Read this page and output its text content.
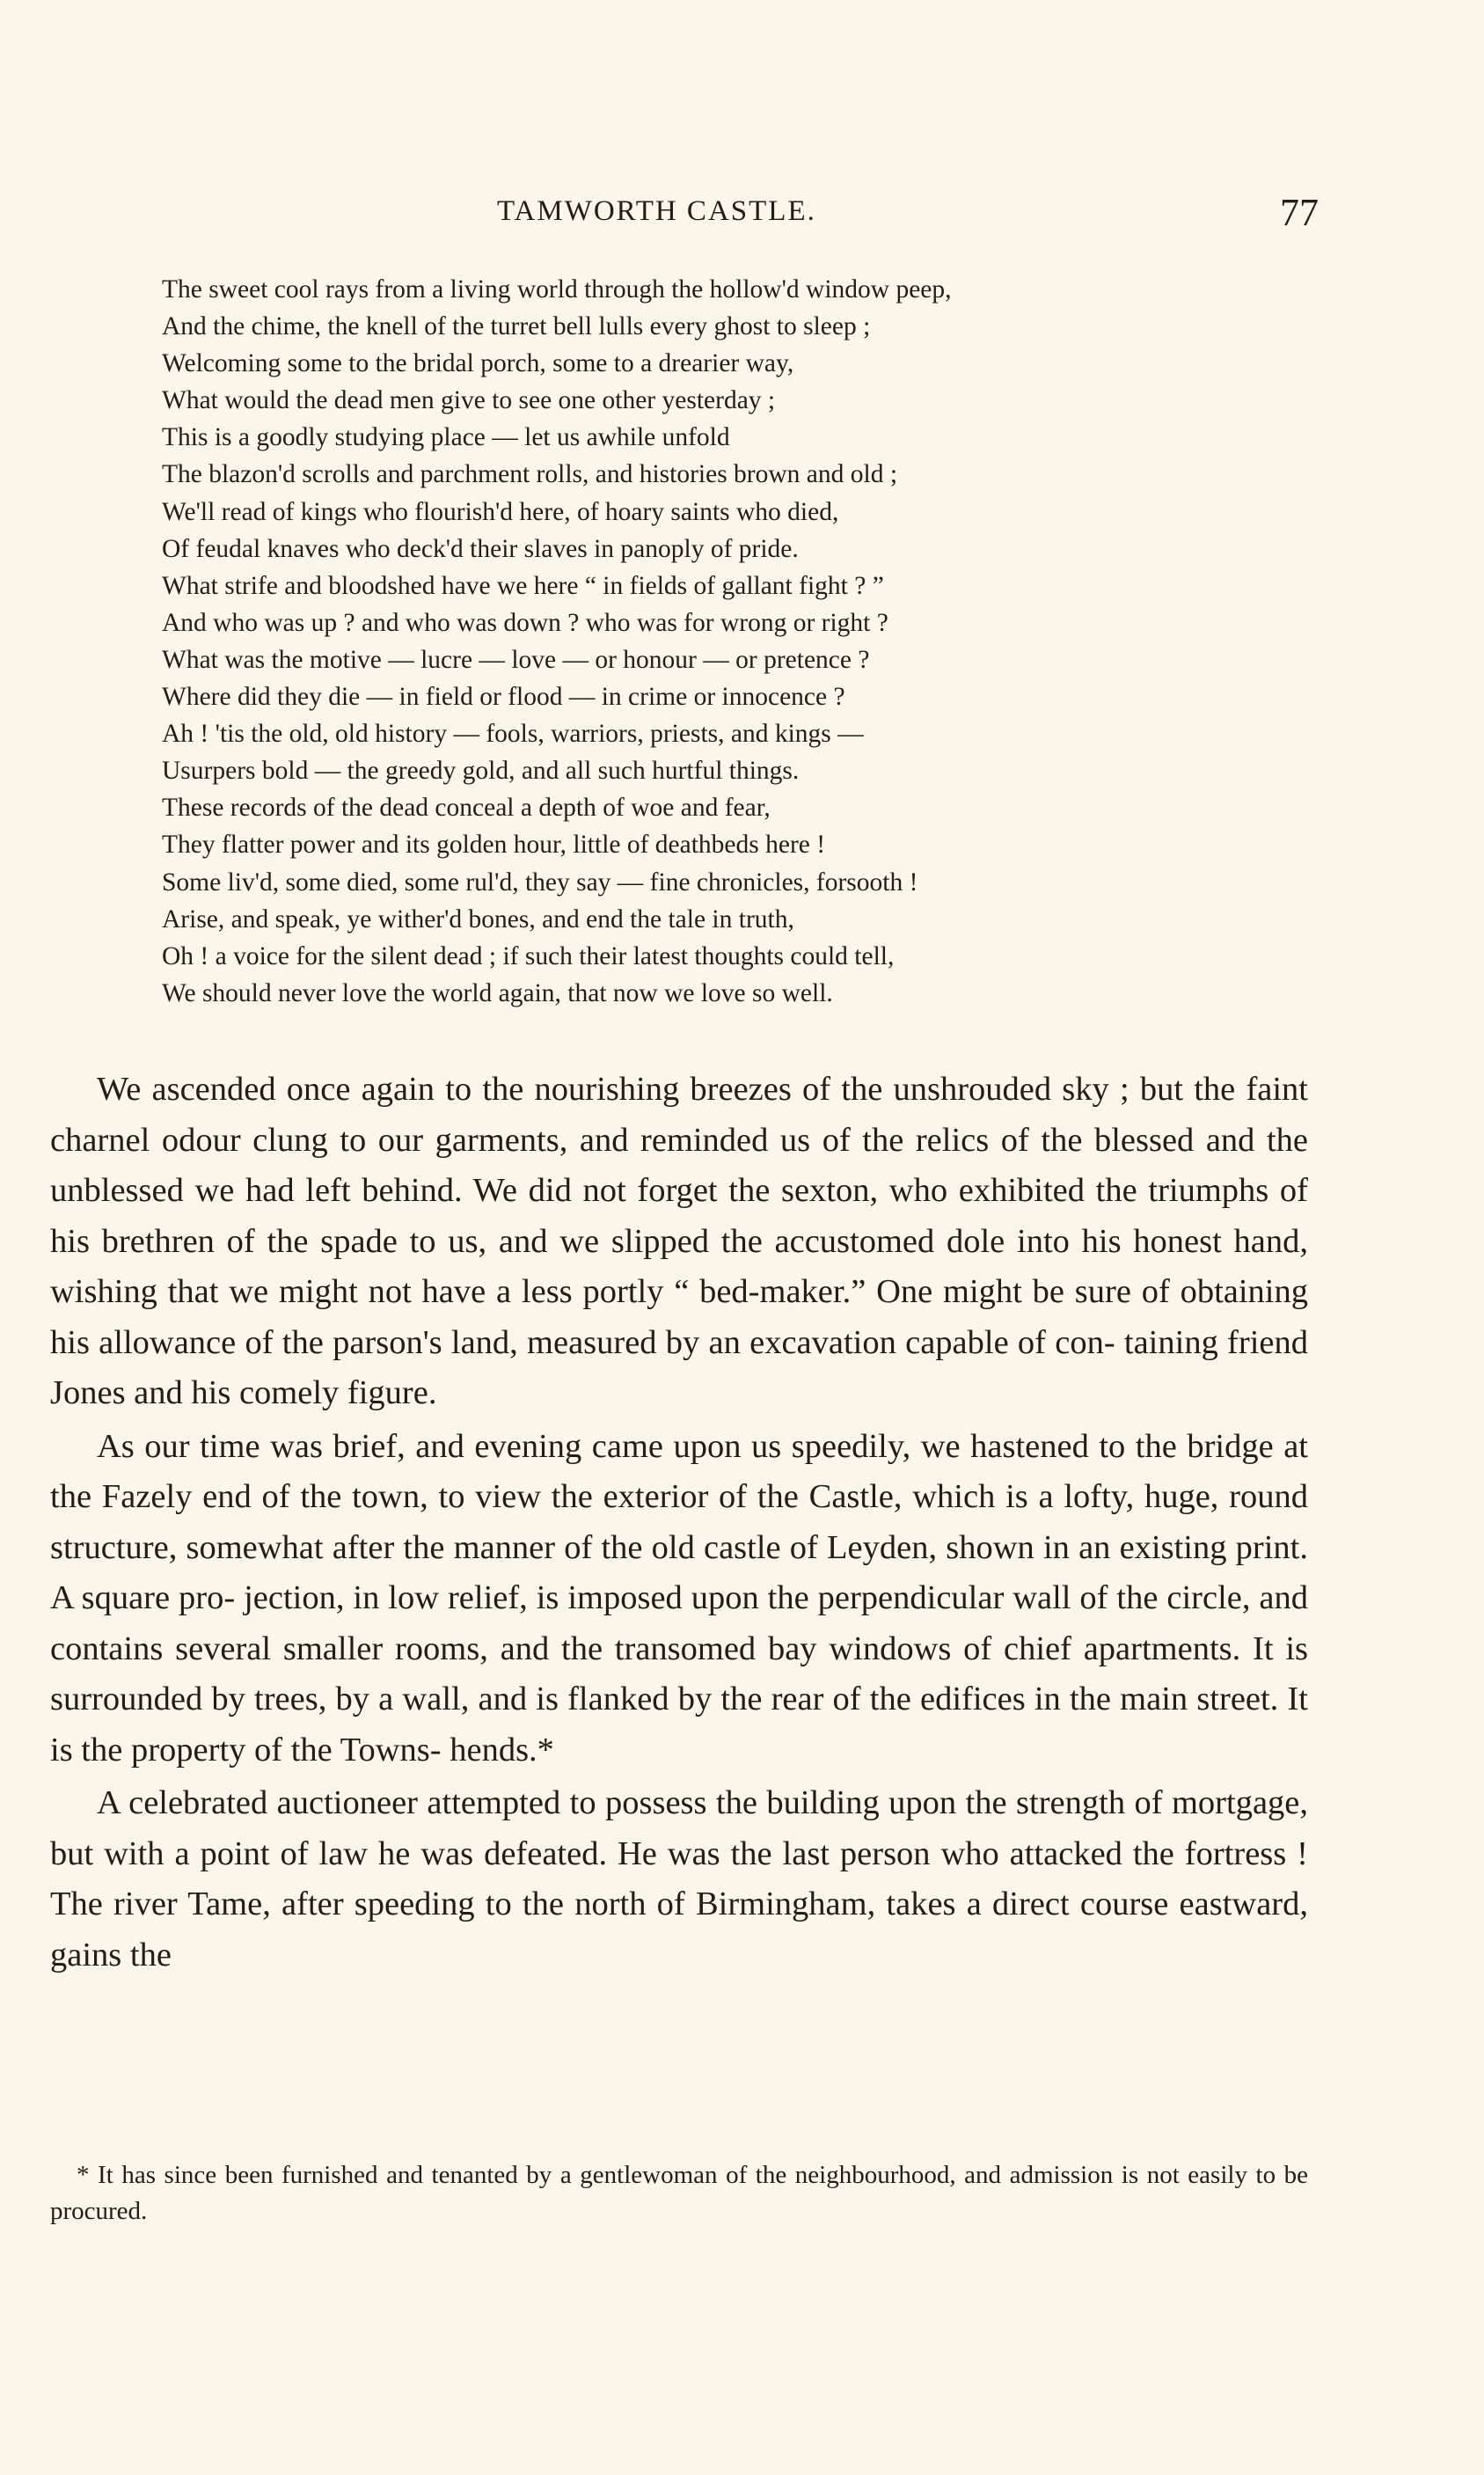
TAMWORTH CASTLE.	77
The sweet cool rays from a living world through the hollow'd window peep,
And the chime, the knell of the turret bell lulls every ghost to sleep ;
Welcoming some to the bridal porch, some to a drearier way,
What would the dead men give to see one other yesterday ;
This is a goodly studying place — let us awhile unfold
The blazon'd scrolls and parchment rolls, and histories brown and old ;
We'll read of kings who flourish'd here, of hoary saints who died,
Of feudal knaves who deck'd their slaves in panoply of pride.
What strife and bloodshed have we here “ in fields of gallant fight ? ”
And who was up ? and who was down ? who was for wrong or right ?
What was the motive — lucre — love — or honour — or pretence ?
Where did they die — in field or flood — in crime or innocence ?
Ah ! 'tis the old, old history — fools, warriors, priests, and kings —
Usurpers bold — the greedy gold, and all such hurtful things.
These records of the dead conceal a depth of woe and fear,
They flatter power and its golden hour, little of deathbeds here !
Some liv'd, some died, some rul'd, they say — fine chronicles, forsooth !
Arise, and speak, ye wither'd bones, and end the tale in truth,
Oh ! a voice for the silent dead ; if such their latest thoughts could tell,
We should never love the world again, that now we love so well.

We ascended once again to the nourishing breezes of the unshrouded sky ; but the faint charnel odour clung to our garments, and reminded us of the relics of the blessed and the unblessed we had left behind. We did not forget the sexton, who exhibited the triumphs of his brethren of the spade to us, and we slipped the accustomed dole into his honest hand, wishing that we might not have a less portly “ bed-maker.” One might be sure of obtaining his allowance of the parson's land, measured by an excavation capable of con- taining friend Jones and his comely figure.

As our time was brief, and evening came upon us speedily, we hastened to the bridge at the Fazely end of the town, to view the exterior of the Castle, which is a lofty, huge, round structure, somewhat after the manner of the old castle of Leyden, shown in an existing print. A square pro- jection, in low relief, is imposed upon the perpendicular wall of the circle, and contains several smaller rooms, and the transomed bay windows of chief apartments. It is surrounded by trees, by a wall, and is flanked by the rear of the edifices in the main street. It is the property of the Towns- hends.*

A celebrated auctioneer attempted to possess the building upon the strength of mortgage, but with a point of law he was defeated. He was the last person who attacked the fortress ! The river Tame, after speeding to the north of Birmingham, takes a direct course eastward, gains the

* It has since been furnished and tenanted by a gentlewoman of the neighbourhood, and admission is not easily to be procured.
